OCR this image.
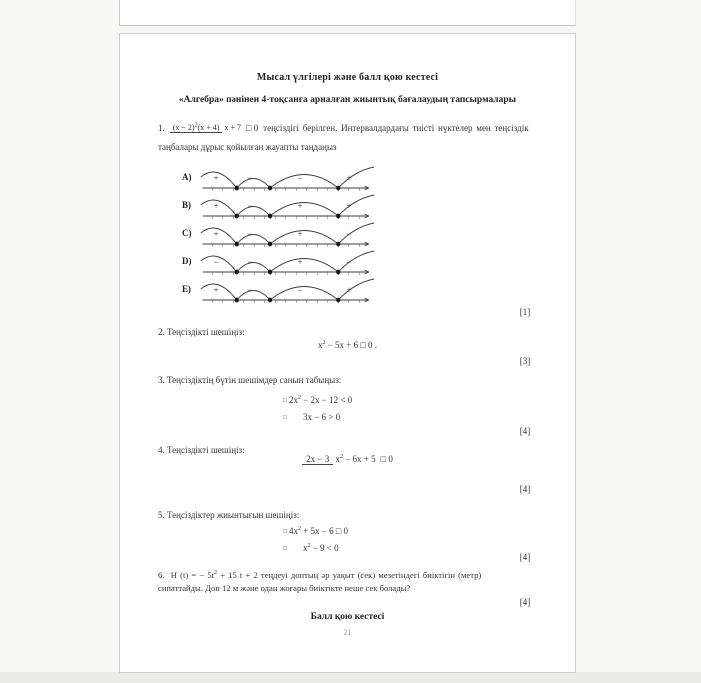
Мысал үлгілері және балл қою кестесі
«Алгебра» пәнінен 4-тоқсанға арналған жиынтық бағалаудың тапсырмалары
1.	$(x - 2)^2(x + 4)$ x + 7 □ 0 теңсіздігі берілген. Интервалдардағы тиісті нүктелер мен теңсіздік
таңбалары дұрыс қойылған жауапты таңдаңыз
A)	+	−	−	+
B)	+	−	+	+
C)	+	−	+	−
D)	−	−	+	−
E)	+	−	−	+
[1]
2. Теңсіздікті шешіңіз:
$x^2 - 5x + 6$ □ 0 .
[3]
3. Теңсіздіктің бүтін шешімдер санын табыңыз:
□ $2x^2 - 2x - 12 < 0$
□ 3x − 6 > 0
[4]
4. Теңсіздікті шешіңіз:
2x − 3 $x^2 - 6x + 5$ □ 0
[4]
5. Теңсіздіктер жиынтығын шешіңіз:
□ $4x^2 + 5x - 6$ □ 0
□ $x^2 - 9 < 0$
[4]
6. H (t) = − $5t^2 + 15$ t + 2 теңдеуі доптың әр уақыт (сек) мезетіндегі биіктігін (метр)
сипаттайды. Доп 12 м және одан жоғары биіктікте неше сек болады?
[4]
Балл қою кестесі
21
